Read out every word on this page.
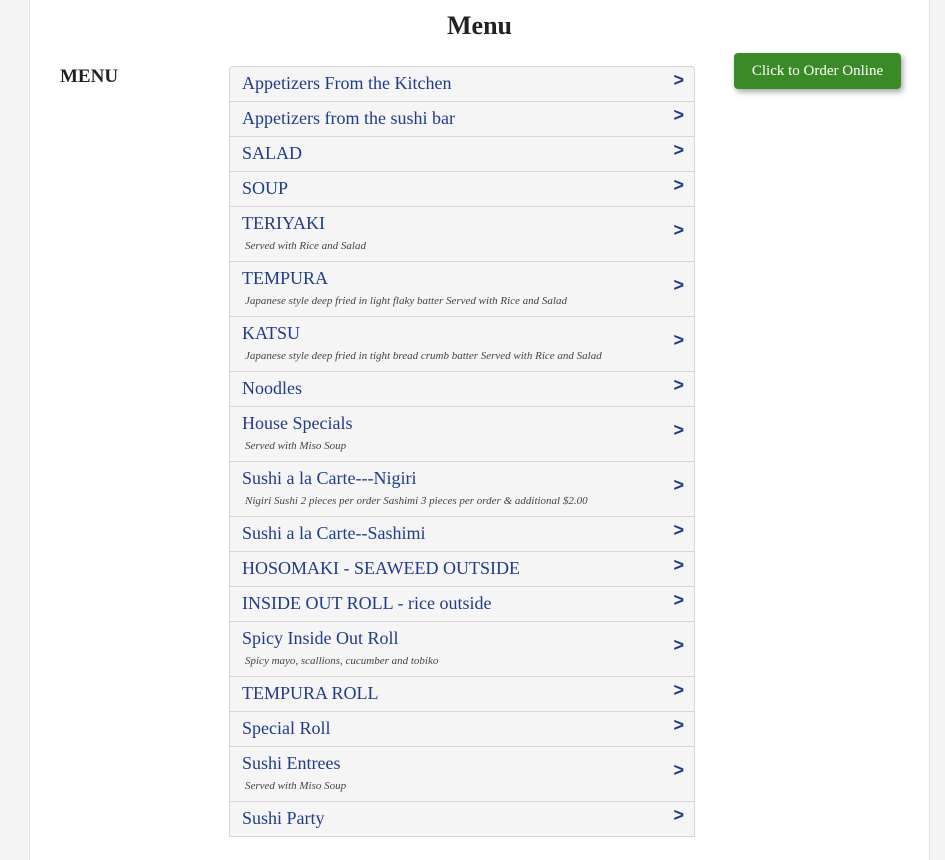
Menu
MENU	Click to Order Online
Appetizers From the Kitchen	>
Appetizers from the sushi bar	>
SALAD	>
SOUP	>
TERIYAKI
Served with Rice and Salad
>
TEMPURA
Japanese style deep fried in light flaky batter Served with Rice and Salad
>
KATSU
Japanese style deep fried in tight bread crumb batter Served with Rice and Salad
>
Noodles	>
House Specials
Served with Miso Soup
>
Sushi a la Carte---Nigiri
Nigiri Sushi 2 pieces per order Sashimi 3 pieces per order & additional $2.00
>
Sushi a la Carte--Sashimi	>
HOSOMAKI - SEAWEED OUTSIDE	>
INSIDE OUT ROLL - rice outside	>
Spicy Inside Out Roll
Spicy mayo, scallions, cucumber and tobiko
>
TEMPURA ROLL	>
Special Roll	>
Sushi Entrees
Served with Miso Soup
>
Sushi Party	>
